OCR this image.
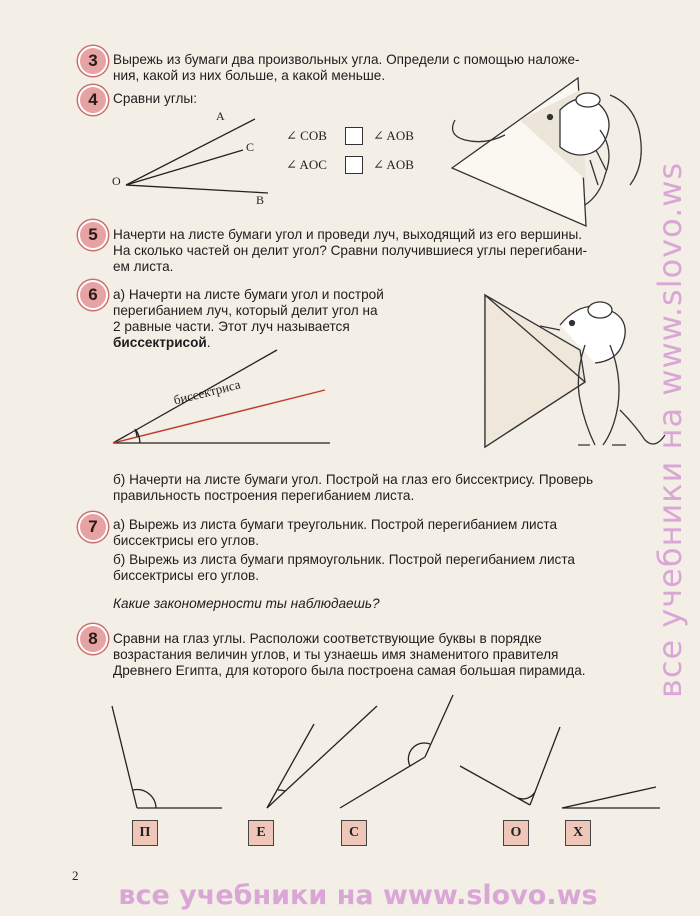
3	Вырежь из бумаги два произвольных угла. Определи с помощью наложе-
ния, какой из них больше, а какой меньше.
4	Сравни углы:
A
C
O
B
∠ COB	∠ AOB
∠ AOC	∠ AOB
5	Начерти на листе бумаги угол и проведи луч, выходящий из его вершины.
На сколько частей он делит угол? Сравни получившиеся углы перегибани-
ем листа.
6	а) Начерти на листе бумаги угол и построй
перегибанием луч, который делит угол на
2 равные части. Этот луч называется
биссектрисой.
биссектриса
б) Начерти на листе бумаги угол. Построй на глаз его биссектрису. Проверь
правильность построения перегибанием листа.
7	а) Вырежь из листа бумаги треугольник. Построй перегибанием листа
биссектрисы его углов.
б) Вырежь из листа бумаги прямоугольник. Построй перегибанием листа
биссектрисы его углов.
Какие закономерности ты наблюдаешь?
8	Сравни на глаз углы. Расположи соответствующие буквы в порядке
возрастания величин углов, и ты узнаешь имя знаменитого правителя
Древнего Египта, для которого была построена самая большая пирамида.
П	Е	С	О	Х
2
все учебники на www.slovo.ws
все учебники на www.slovo.ws
